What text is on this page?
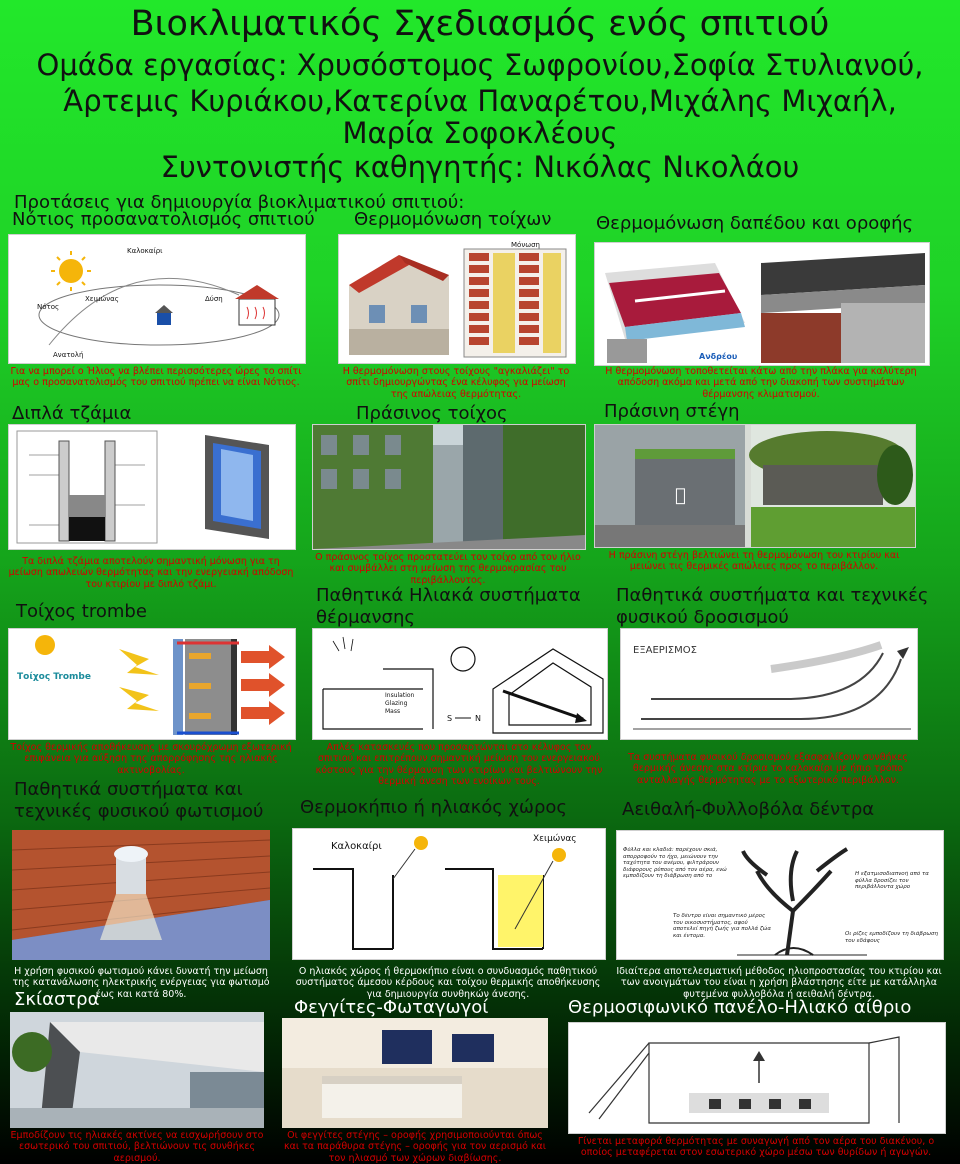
Βιοκλιματικός Σχεδιασμός ενός σπιτιού
Ομάδα εργασίας: Χρυσόστομος Σωφρονίου,Σοφία Στυλιανού,
Άρτεμις Κυριάκου,Κατερίνα Παναρέτου,Μιχάλης Μιχαήλ,
Μαρία Σοφοκλέους
Συντονιστής καθηγητής: Νικόλας Νικολάου
Προτάσεις για δημιουργία βιοκλιματικού σπιτιού:
Νότιος προσανατολισμός σπιτιού
Καλοκαίρι
Χειμώνας
Νότος
Δύση
Ανατολή
Για να μπορεί ο Ήλιος να βλέπει περισσότερες ώρες το σπίτι μας ο προσανατολισμός του σπιτιού πρέπει να είναι Νότιος.
Θερμομόνωση τοίχων
Μόνωση
Η θερμομόνωση στους τοίχους "αγκαλιάζει" το σπίτι δημιουργώντας ένα κέλυφος για μείωση της απώλειας θερμότητας.
Θερμομόνωση δαπέδου και οροφής
Ανδρέου
Η θερμομόνωση τοποθετείται κάτω από την πλάκα για καλύτερη απόδοση ακόμα και μετά από την διακοπή των συστημάτων θέρμανσης κλιματισμού.
Διπλά τζάμια
Τα διπλά τζάμια αποτελούν σημαντική μόνωση για τη μείωση απωλειών θερμότητας και την ενεργειακή απόδοση του κτιρίου με διπλό τζάμι.
Πράσινος τοίχος
Ο πράσινος τοίχος προστατεύει τον τοίχο από τον ήλιο και συμβάλλει στη μείωση της θερμοκρασίας του περιβάλλοντος.
Πράσινη στέγη
Η πράσινη στέγη βελτιώνει τη θερμομόνωση του κτιρίου και μειώνει τις θερμικές απώλειες προς το περιβάλλον.
Τοίχος trombe
Τοίχος Trombe
Τοίχος θερμικής αποθήκευσης με σκουρόχρωμη εξωτερική επιφάνεια για αύξηση της απορρόφησης της ηλιακής ακτινοβολίας.
Παθητικά Ηλιακά συστήματα
θέρμανσης
Insulation
Glazing
Mass
S	N
Απλές κατασκευές που προσαρτώνται στο κέλυφος του σπιτιού και επιτρέπουν σημαντική μείωση του ενεργειακού κόστους για την θέρμανση των κτιρίων και βελτιώνουν την θερμική άνεση των ενοίκων τους.
Παθητικά συστήματα και τεχνικές
φυσικού δροσισμού
ΕΞΑΕΡΙΣΜΟΣ
Τα συστήματα φυσικού δροσισμού εξασφαλίζουν συνθήκες θερμικής άνεσης στα κτίρια το καλοκαίρι με ήπιο τρόπο ανταλλαγής θερμότητας με το εξωτερικό περιβάλλον.
Παθητικά συστήματα και
τεχνικές φυσικού φωτισμού
Η χρήση φυσικού φωτισμού κάνει δυνατή την μείωση της κατανάλωσης ηλεκτρικής ενέργειας για φωτισμό έως και κατά 80%.
Θερμοκήπιο ή ηλιακός χώρος
Καλοκαίρι
Χειμώνας
Ο ηλιακός χώρος ή θερμοκήπιο είναι ο συνδυασμός παθητικού συστήματος άμεσου κέρδους και τοίχου θερμικής αποθήκευσης για δημιουργία συνθηκών άνεσης.
Αειθαλή-Φυλλοβόλα δέντρα
Φύλλα και κλαδιά: παρέχουν σκιά, απορροφούν το ήχο, μειώνουν την ταχύτητα του ανέμου, φιλτράρουν διάφορους ρύπους από τον αέρα, ενώ εμποδίζουν τη διάβρωση από το	Η εξατμισοδιαπνοή από τα φύλλα δροσίζει τον περιβάλλοντα χώρο
Το δέντρο είναι σημαντικό μέρος του οικοσυστήματος, αφού αποτελεί πηγή ζωής για πολλά ζώα και έντομα.	Οι ρίζες εμποδίζουν τη διάβρωση του εδάφους
Ιδιαίτερα αποτελεσματική μέθοδος ηλιοπροστασίας του κτιρίου και των ανοιγμάτων του είναι η χρήση βλάστησης είτε με κατάλληλα φυτεμένα φυλλοβόλα ή αειθαλή δέντρα.
Σκίαστρα
Εμποδίζουν τις ηλιακές ακτίνες να εισχωρήσουν στο εσωτερικό του σπιτιού, βελτιώνουν τις συνθήκες αερισμού.
Φεγγίτες-Φωταγωγοί
Οι φεγγίτες στέγης – οροφής χρησιμοποιούνται όπως και τα παράθυρα στέγης – οροφής για τον αερισμό και τον ηλιασμό των χώρων διαβίωσης.
Θερμοσιφωνικό πανέλο-Ηλιακό αίθριο
Γίνεται μεταφορά θερμότητας με συναγωγή από τον αέρα του διακένου, ο οποίος μεταφέρεται στον εσωτερικό χώρο μέσω των θυρίδων ή αγωγών.
